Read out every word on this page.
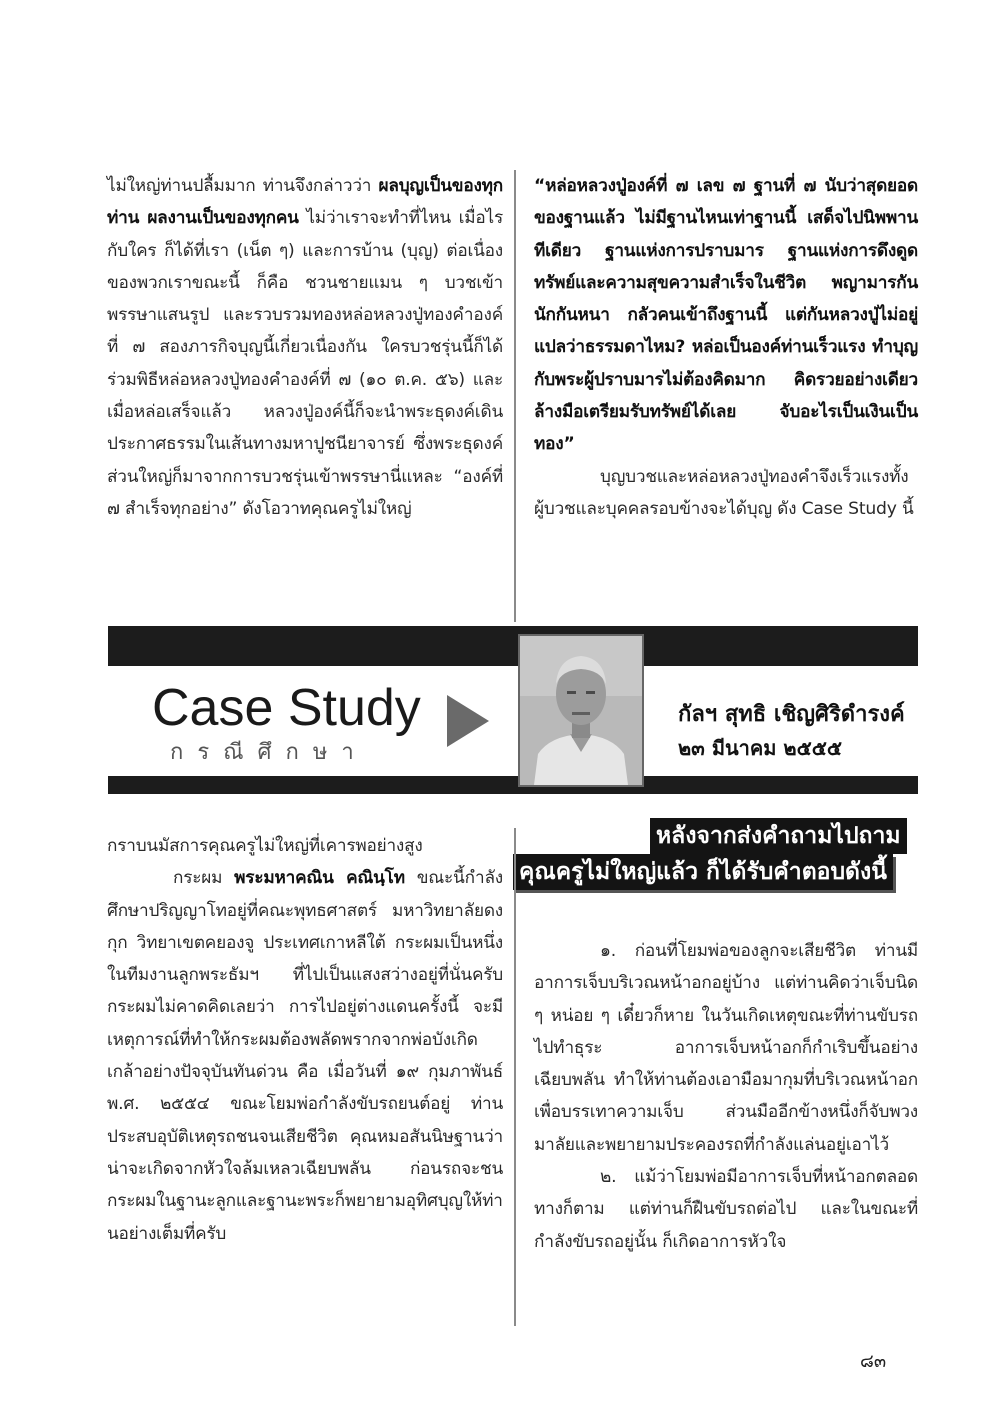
ไม่ใหญ่ท่านปลื้มมาก ท่านจึงกล่าวว่า ผลบุญเป็นของทุกท่าน ผลงานเป็นของทุกคน ไม่ว่าเราจะทำที่ไหน เมื่อไร กับใคร ก็ได้ที่เรา (เน็ต ๆ) และการบ้าน (บุญ) ต่อเนื่องของพวกเราขณะนี้ ก็คือ ชวนชายแมน ๆ บวชเข้าพรรษาแสนรูป และรวบรวมทองหล่อหลวงปู่ทองคำองค์ที่ ๗ สองภารกิจบุญนี้เกี่ยวเนื่องกัน ใครบวชรุ่นนี้ก็ได้ร่วมพิธีหล่อหลวงปู่ทองคำองค์ที่ ๗ (๑๐ ต.ค. ๕๖) และเมื่อหล่อเสร็จแล้ว หลวงปู่องค์นี้ก็จะนำพระธุดงค์เดินประกาศธรรมในเส้นทางมหาปูชนียาจารย์ ซึ่งพระธุดงค์ส่วนใหญ่ก็มาจากการบวชรุ่นเข้าพรรษานี่แหละ “องค์ที่ ๗ สำเร็จทุกอย่าง” ดังโอวาทคุณครูไม่ใหญ่

“หล่อหลวงปู่องค์ที่ ๗ เลข ๗ ฐานที่ ๗ นับว่าสุดยอดของฐานแล้ว ไม่มีฐานไหนเท่าฐานนี้ เสด็จไปนิพพานทีเดียว ฐานแห่งการปราบมาร ฐานแห่งการดึงดูดทรัพย์และความสุขความสำเร็จในชีวิต พญามารกันนักกันหนา กลัวคนเข้าถึงฐานนี้ แต่กันหลวงปู่ไม่อยู่ แปลว่าธรรมดาไหม? หล่อเป็นองค์ท่านเร็วแรง ทำบุญกับพระผู้ปราบมารไม่ต้องคิดมาก คิดรวยอย่างเดียว ล้างมือเตรียมรับทรัพย์ได้เลย จับอะไรเป็นเงินเป็นทอง”

บุญบวชและหล่อหลวงปู่ทองคำจึงเร็วแรงทั้งผู้บวชและบุคคลรอบข้างจะได้บุญ ดัง Case Study นี้

Case Study
กรณีศึกษา
กัลฯ สุทธิ เชิญศิริดำรงค์
๒๓ มีนาคม ๒๕๕๕
หลังจากส่งคำถามไปถาม
คุณครูไม่ใหญ่แล้ว ก็ได้รับคำตอบดังนี้

กราบนมัสการคุณครูไม่ใหญ่ที่เคารพอย่างสูง

กระผม พระมหาคณิน คณินฺโท ขณะนี้กำลังศึกษาปริญญาโทอยู่ที่คณะพุทธศาสตร์ มหาวิทยาลัยดงกุก วิทยาเขตคยองจู ประเทศเกาหลีใต้ กระผมเป็นหนึ่งในทีมงานลูกพระธัมฯ ที่ไปเป็นแสงสว่างอยู่ที่นั่นครับ กระผมไม่คาดคิดเลยว่า การไปอยู่ต่างแดนครั้งนี้ จะมีเหตุการณ์ที่ทำให้กระผมต้องพลัดพรากจากพ่อบังเกิดเกล้าอย่างปัจจุบันทันด่วน คือ เมื่อวันที่ ๑๙ กุมภาพันธ์ พ.ศ. ๒๕๕๔ ขณะโยมพ่อกำลังขับรถยนต์อยู่ ท่านประสบอุบัติเหตุรถชนจนเสียชีวิต คุณหมอสันนิษฐานว่าน่าจะเกิดจากหัวใจล้มเหลวเฉียบพลัน ก่อนรถจะชน กระผมในฐานะลูกและฐานะพระก็พยายามอุทิศบุญให้ท่านอย่างเต็มที่ครับ

๑. ก่อนที่โยมพ่อของลูกจะเสียชีวิต ท่านมีอาการเจ็บบริเวณหน้าอกอยู่บ้าง แต่ท่านคิดว่าเจ็บนิด ๆ หน่อย ๆ เดี๋ยวก็หาย ในวันเกิดเหตุขณะที่ท่านขับรถไปทำธุระ อาการเจ็บหน้าอกก็กำเริบขึ้นอย่างเฉียบพลัน ทำให้ท่านต้องเอามือมากุมที่บริเวณหน้าอกเพื่อบรรเทาความเจ็บ ส่วนมืออีกข้างหนึ่งก็จับพวงมาลัยและพยายามประคองรถที่กำลังแล่นอยู่เอาไว้

๒. แม้ว่าโยมพ่อมีอาการเจ็บที่หน้าอกตลอดทางก็ตาม แต่ท่านก็ฝืนขับรถต่อไป และในขณะที่กำลังขับรถอยู่นั้น ก็เกิดอาการหัวใจ

๘๓
